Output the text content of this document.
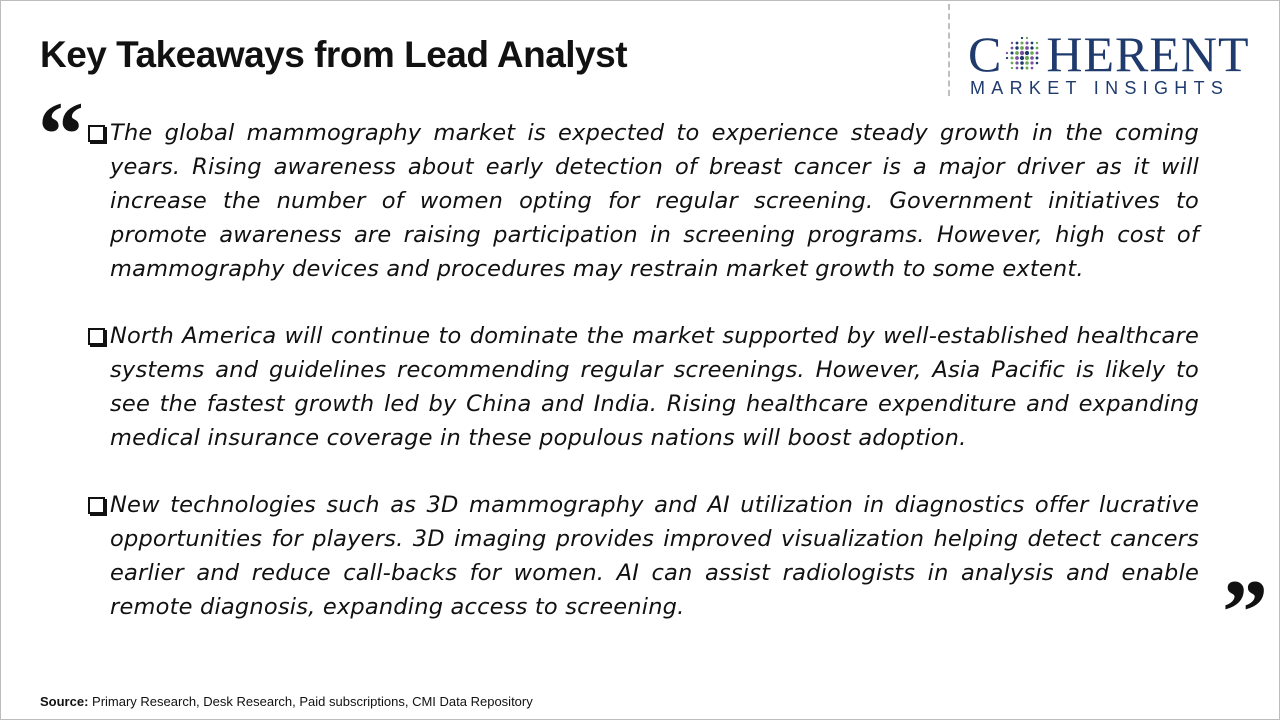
Key Takeaways from Lead Analyst	C HERENT
MARKET INSIGHTS
“	The global mammography market is expected to experience steady growth in the coming years. Rising awareness about early detection of breast cancer is a major driver as it will increase the number of women opting for regular screening. Government initiatives to promote awareness are raising participation in screening programs. However, high cost of mammography devices and procedures may restrain market growth to some extent.
North America will continue to dominate the market supported by well-established healthcare systems and guidelines recommending regular screenings. However, Asia Pacific is likely to see the fastest growth led by China and India. Rising healthcare expenditure and expanding medical insurance coverage in these populous nations will boost adoption.
New technologies such as 3D mammography and AI utilization in diagnostics offer lucrative opportunities for players. 3D imaging provides improved visualization helping detect cancers earlier and reduce call-backs for women. AI can assist radiologists in analysis and enable remote diagnosis, expanding access to screening.	”
Source: Primary Research, Desk Research, Paid subscriptions, CMI Data Repository
